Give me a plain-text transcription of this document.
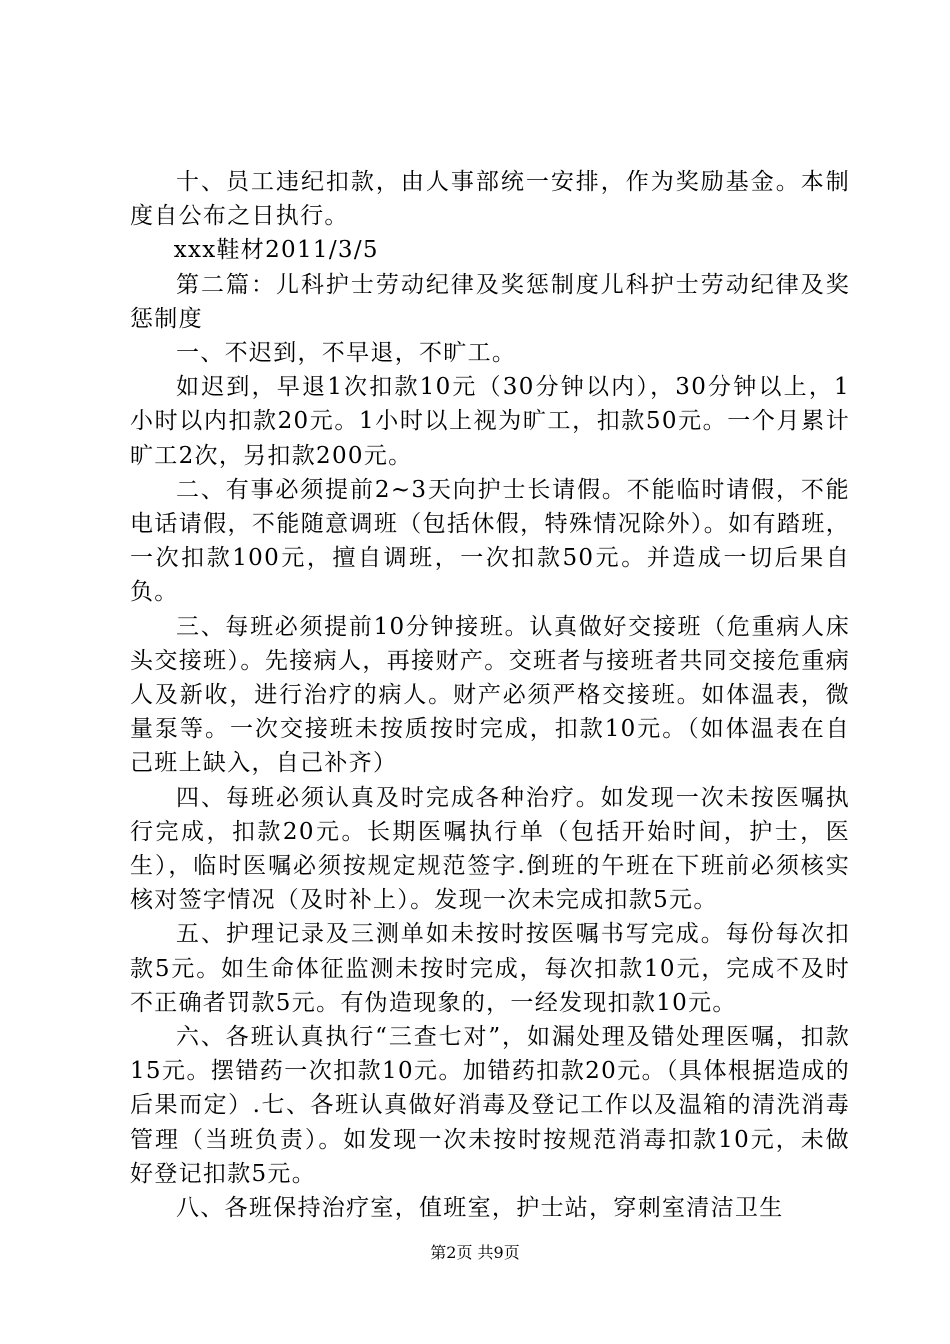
十、员工违纪扣款，由人事部统一安排，作为奖励基金。本制度自公布之日执行。

xxx鞋材2011/3/5

第二篇：儿科护士劳动纪律及奖惩制度儿科护士劳动纪律及奖惩制度

一、不迟到，不早退，不旷工。

如迟到，早退1次扣款10元（30分钟以内），30分钟以上，1小时以内扣款20元。1小时以上视为旷工，扣款50元。一个月累计旷工2次，另扣款200元。

二、有事必须提前2~3天向护士长请假。不能临时请假，不能电话请假，不能随意调班（包括休假，特殊情况除外）。如有踏班，一次扣款100元，擅自调班，一次扣款50元。并造成一切后果自负。

三、每班必须提前10分钟接班。认真做好交接班（危重病人床头交接班）。先接病人，再接财产。交班者与接班者共同交接危重病人及新收，进行治疗的病人。财产必须严格交接班。如体温表，微量泵等。一次交接班未按质按时完成，扣款10元。（如体温表在自己班上缺入，自己补齐）

四、每班必须认真及时完成各种治疗。如发现一次未按医嘱执行完成，扣款20元。长期医嘱执行单（包括开始时间，护士，医生），临时医嘱必须按规定规范签字.倒班的午班在下班前必须核实核对签字情况（及时补上）。发现一次未完成扣款5元。

五、护理记录及三测单如未按时按医嘱书写完成。每份每次扣款5元。如生命体征监测未按时完成，每次扣款10元，完成不及时不正确者罚款5元。有伪造现象的，一经发现扣款10元。

六、各班认真执行“三查七对”，如漏处理及错处理医嘱，扣款15元。摆错药一次扣款10元。加错药扣款20元。（具体根据造成的后果而定）.七、各班认真做好消毒及登记工作以及温箱的清洗消毒管理（当班负责）。如发现一次未按时按规范消毒扣款10元，未做好登记扣款5元。

八、各班保持治疗室，值班室，护士站，穿刺室清洁卫生

第2页 共9页
